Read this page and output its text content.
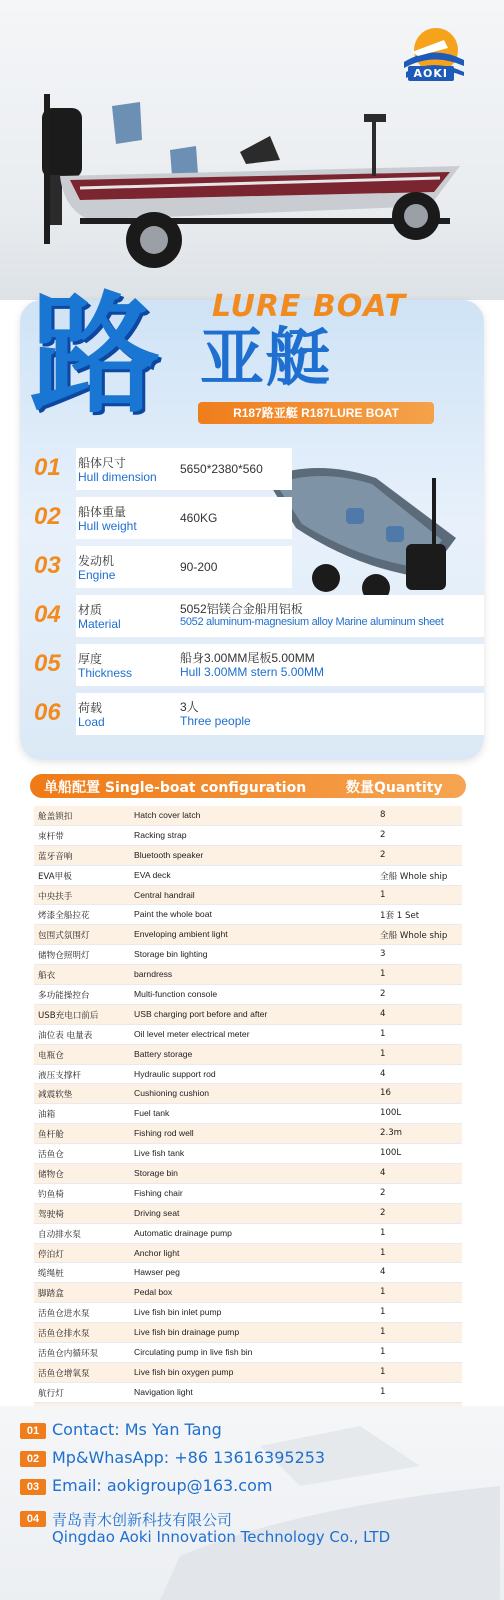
AOKI
路 LURE BOAT
亚艇
R187路亚艇 R187LURE BOAT
01 船体尺寸
Hull dimension
5650*2380*560
02 船体重量
Hull weight
460KG
03 发动机
Engine
90-200
04 材质
Material
5052铝镁合金船用铝板
5052 aluminum-magnesium alloy Marine aluminum sheet
05 厚度
Thickness
船身3.00MM尾板5.00MM
Hull 3.00MM stern 5.00MM
06 荷载
Load
3人
Three people
单船配置 Single-boat configuration	数量Quantity
舱盖锁扣	Hatch cover latch	8
束杆带	Racking strap	2
蓝牙音响	Bluetooth speaker	2
EVA甲板	EVA deck	全船 Whole ship
中央扶手	Central handrail	1
烤漆全船拉花	Paint the whole boat	1套 1 Set
包围式氛围灯	Enveloping ambient light	全船 Whole ship
储物仓照明灯	Storage bin lighting	3
船衣	barndress	1
多功能操控台	Multi-function console	2
USB充电口前后	USB charging port before and after	4
油位表 电量表	Oil level meter electrical meter	1
电瓶仓	Battery storage	1
液压支撑杆	Hydraulic support rod	4
减震软垫	Cushioning cushion	16
油箱	Fuel tank	100L
鱼杆舱	Fishing rod well	2.3m
活鱼仓	Live fish tank	100L
储物仓	Storage bin	4
钓鱼椅	Fishing chair	2
驾驶椅	Driving seat	2
自动排水泵	Automatic drainage pump	1
停泊灯	Anchor light	1
缆绳桩	Hawser peg	4
脚踏盒	Pedal box	1
活鱼仓进水泵	Live fish bin inlet pump	1
活鱼仓排水泵	Live fish bin drainage pump	1
活鱼仓内循环泵	Circulating pump in live fish bin	1
活鱼仓增氧泵	Live fish bin oxygen pump	1
航行灯	Navigation light	1
01 Contact: Ms Yan Tang
02 Mp&WhasApp: +86 13616395253
03 Email: aokigroup@163.com
04 青岛青木创新科技有限公司
Qingdao Aoki Innovation Technology Co., LTD
